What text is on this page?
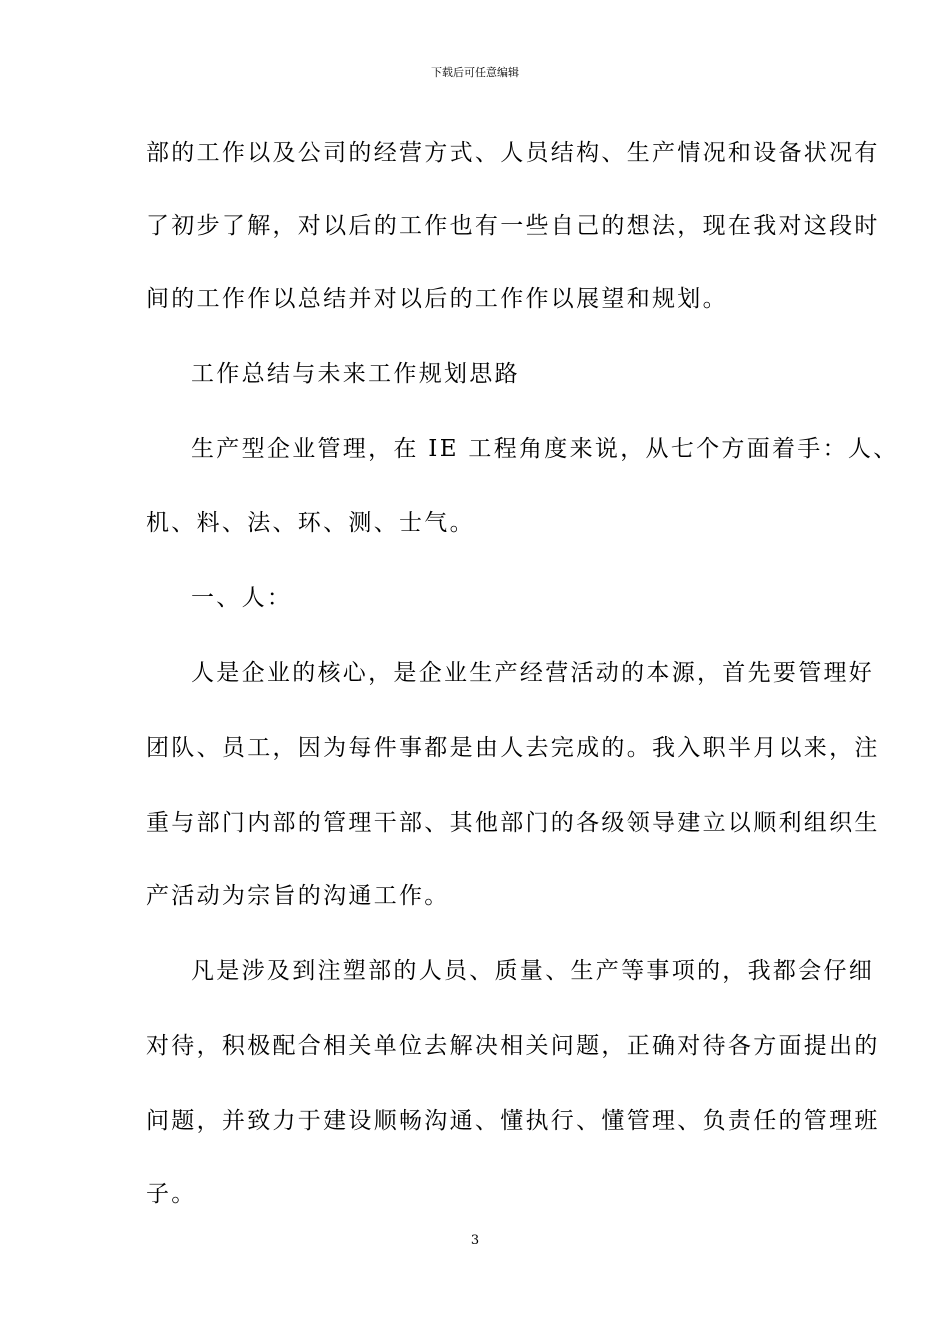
下载后可任意编辑
部的工作以及公司的经营方式、人员结构、生产情况和设备状况有
了初步了解，对以后的工作也有一些自己的想法，现在我对这段时
间的工作作以总结并对以后的工作作以展望和规划。
工作总结与未来工作规划思路
生产型企业管理，在 IE 工程角度来说，从七个方面着手：人、
机、料、法、环、测、士气。
一、人：
人是企业的核心，是企业生产经营活动的本源，首先要管理好
团队、员工，因为每件事都是由人去完成的。我入职半月以来，注
重与部门内部的管理干部、其他部门的各级领导建立以顺利组织生
产活动为宗旨的沟通工作。
凡是涉及到注塑部的人员、质量、生产等事项的，我都会仔细
对待，积极配合相关单位去解决相关问题，正确对待各方面提出的
问题，并致力于建设顺畅沟通、懂执行、懂管理、负责任的管理班
子。
3
